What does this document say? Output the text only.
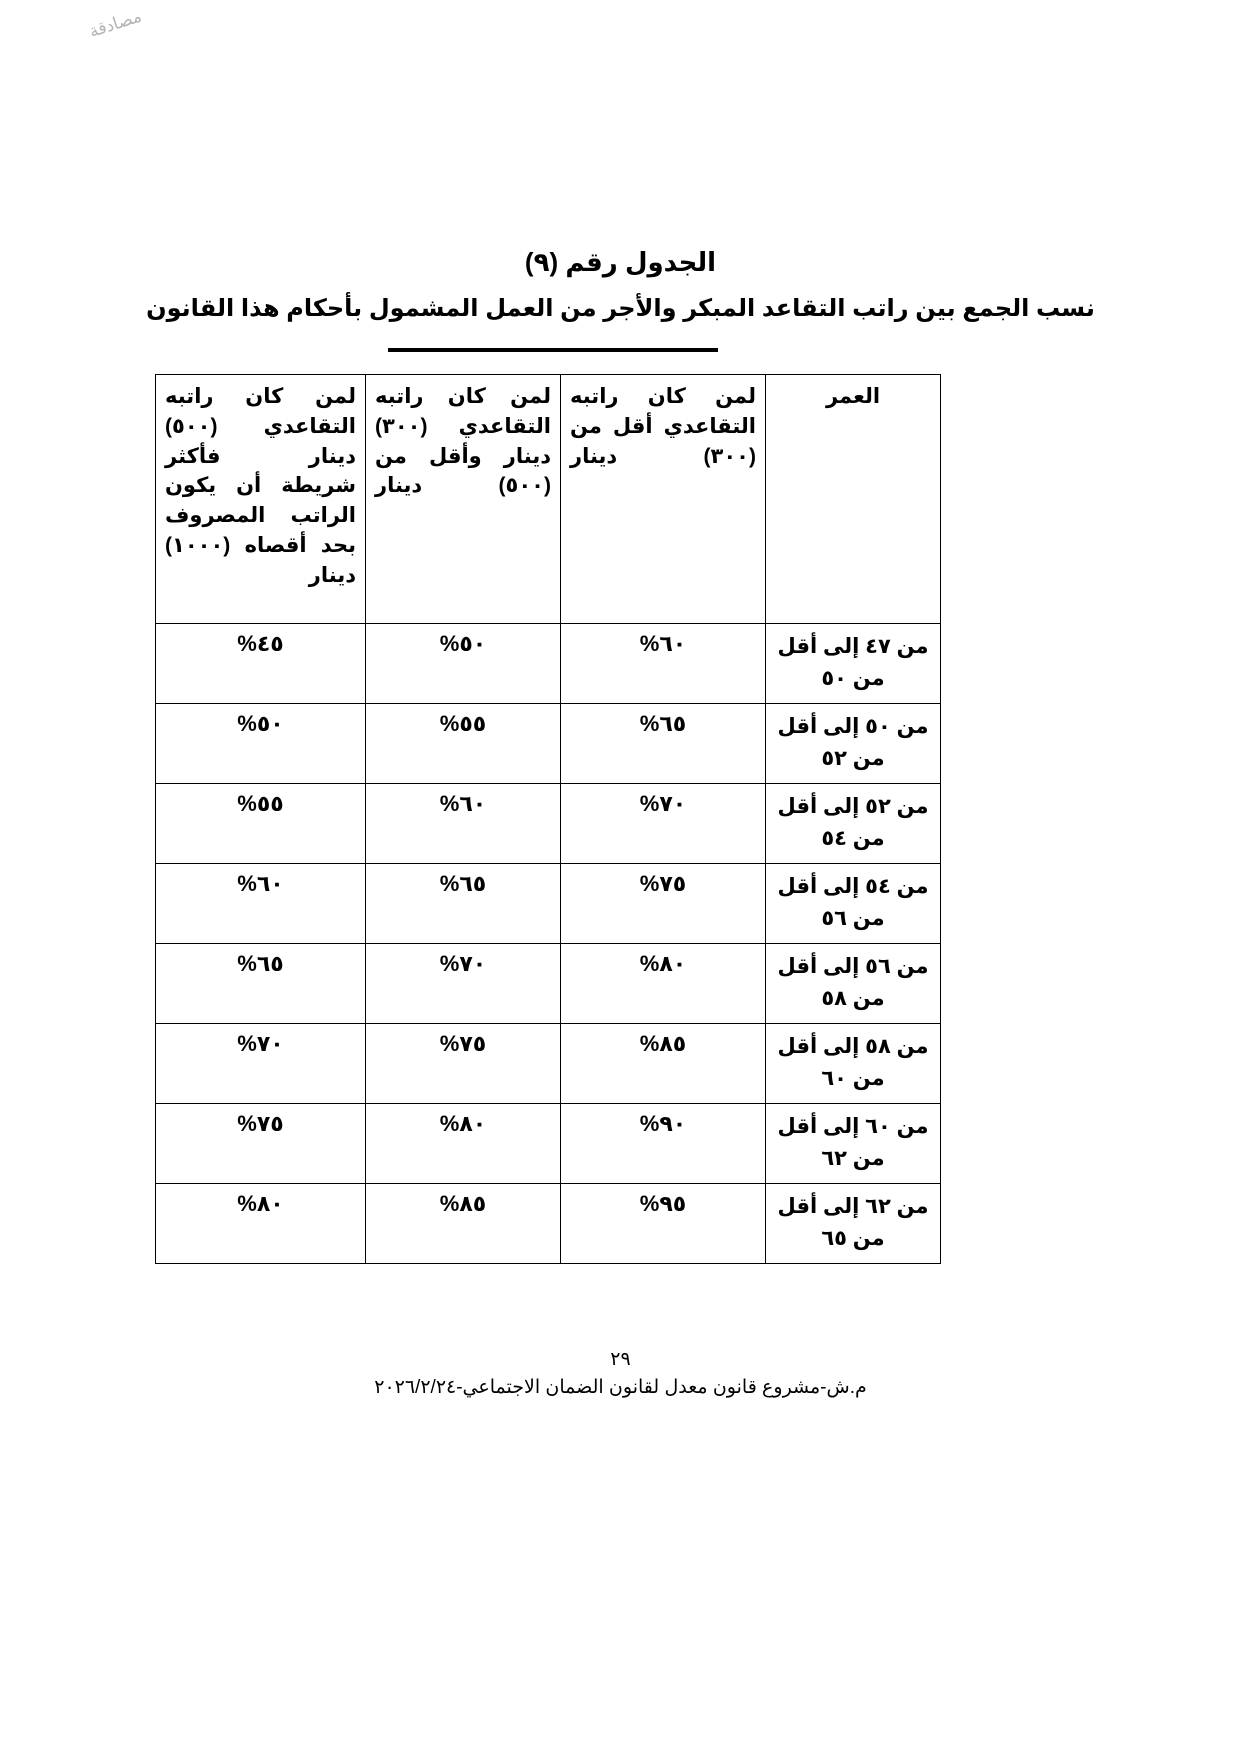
مصادقة
الجدول رقم (٩)
نسب الجمع بين راتب التقاعد المبكر والأجر من العمل المشمول بأحكام هذا القانون
العمر	لمن كان راتبه التقاعدي أقل من (٣٠٠) دينار	لمن كان راتبه التقاعدي (٣٠٠) دينار وأقل من (٥٠٠) دينار	لمن كان راتبه التقاعدي (٥٠٠) دينار فأكثر شريطة أن يكون الراتب المصروف بحد أقصاه (١٠٠٠) دينار
من ٤٧ إلى أقل من ٥٠	%٦٠	%٥٠	%٤٥
من ٥٠ إلى أقل من ٥٢	%٦٥	%٥٥	%٥٠
من ٥٢ إلى أقل من ٥٤	%٧٠	%٦٠	%٥٥
من ٥٤ إلى أقل من ٥٦	%٧٥	%٦٥	%٦٠
من ٥٦ إلى أقل من ٥٨	%٨٠	%٧٠	%٦٥
من ٥٨ إلى أقل من ٦٠	%٨٥	%٧٥	%٧٠
من ٦٠ إلى أقل من ٦٢	%٩٠	%٨٠	%٧٥
من ٦٢ إلى أقل من ٦٥	%٩٥	%٨٥	%٨٠
٢٩
م.ش-مشروع قانون معدل لقانون الضمان الاجتماعي-٢٠٢٦/٢/٢٤
